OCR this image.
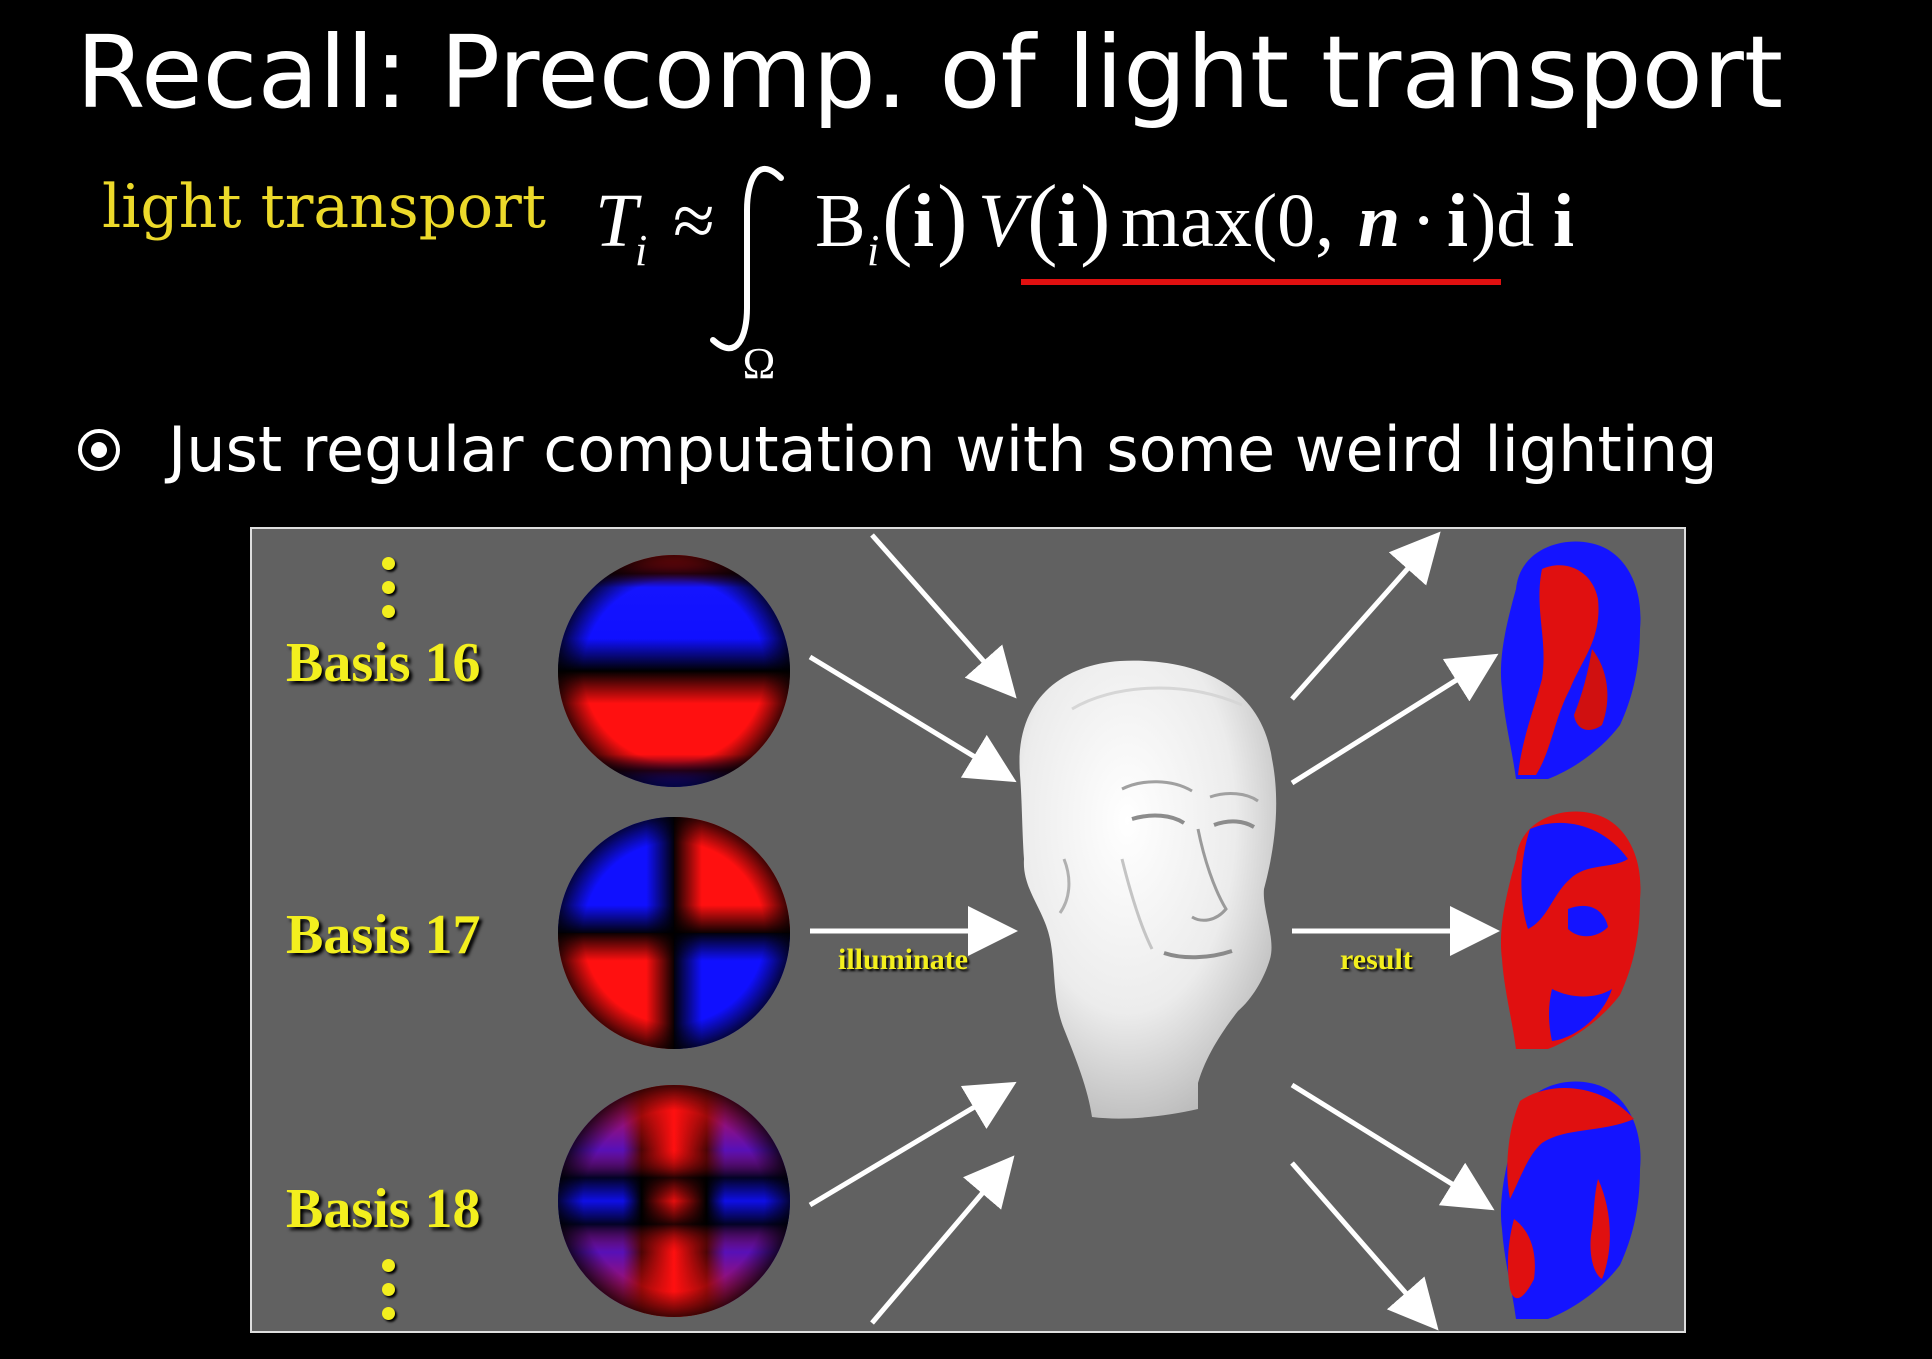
Recall: Precomp. of light transport
light transport T
i ≈
Ω
B i ( i ) V ( i ) max(0, n · i )d i
Just regular computation with some weird lighting
Basis 16
Basis 17
Basis 18
illuminate	result
